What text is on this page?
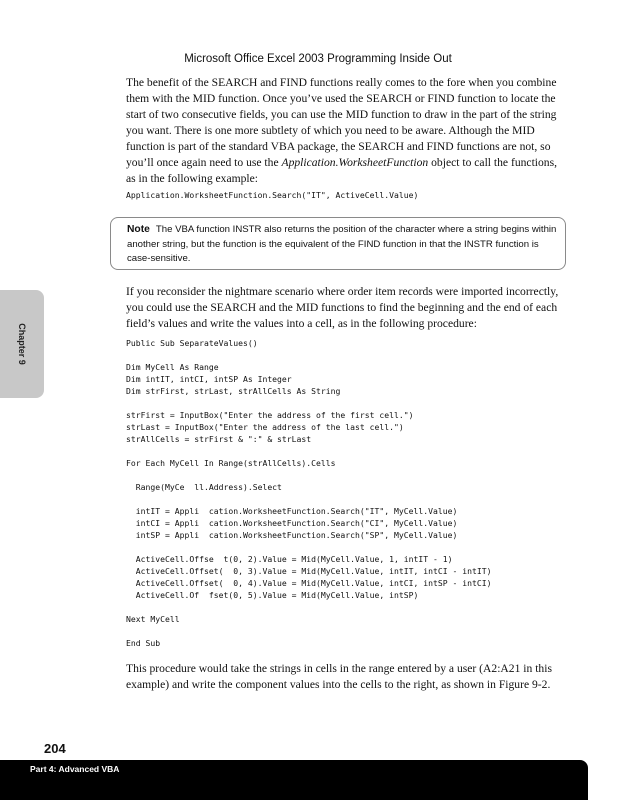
Microsoft Office Excel 2003 Programming Inside Out

The benefit of the SEARCH and FIND functions really comes to the fore when you combine them with the MID function. Once you’ve used the SEARCH or FIND function to locate the start of two consecutive fields, you can use the MID function to draw in the part of the string you want. There is one more subtlety of which you need to be aware. Although the MID function is part of the standard VBA package, the SEARCH and FIND functions are not, so you’ll once again need to use the Application.WorksheetFunction object to call the functions, as in the following example:

Application.WorksheetFunction.Search("IT", ActiveCell.Value)

Note The VBA function INSTR also returns the position of the character where a string begins within another string, but the function is the equivalent of the FIND function in that the INSTR function is case-sensitive.

If you reconsider the nightmare scenario where order item records were imported incorrectly, you could use the SEARCH and the MID functions to find the beginning and the end of each field’s values and write the values into a cell, as in the following procedure:

Public Sub SeparateValues()

Dim MyCell As Range
Dim intIT, intCI, intSP As Integer
Dim strFirst, strLast, strAllCells As String

strFirst = InputBox("Enter the address of the first cell.")
strLast = InputBox("Enter the address of the last cell.")
strAllCells = strFirst & ":" & strLast

For Each MyCell In Range(strAllCells).Cells

Range(MyCe  ll.Address).Select

intIT = Appli  cation.WorksheetFunction.Search("IT", MyCell.Value)
intCI = Appli  cation.WorksheetFunction.Search("CI", MyCell.Value)
intSP = Appli  cation.WorksheetFunction.Search("SP", MyCell.Value)

ActiveCell.Offse  t(0, 2).Value = Mid(MyCell.Value, 1, intIT - 1)
ActiveCell.Offset(  0, 3).Value = Mid(MyCell.Value, intIT, intCI - intIT)
ActiveCell.Offset(  0, 4).Value = Mid(MyCell.Value, intCI, intSP - intCI)
ActiveCell.Of  fset(0, 5).Value = Mid(MyCell.Value, intSP)

Next MyCell

End Sub

This procedure would take the strings in cells in the range entered by a user (A2:A21 in this example) and write the component values into the cells to the right, as shown in Figure 9-2.

Chapter 9
204
Part 4: Advanced VBA
